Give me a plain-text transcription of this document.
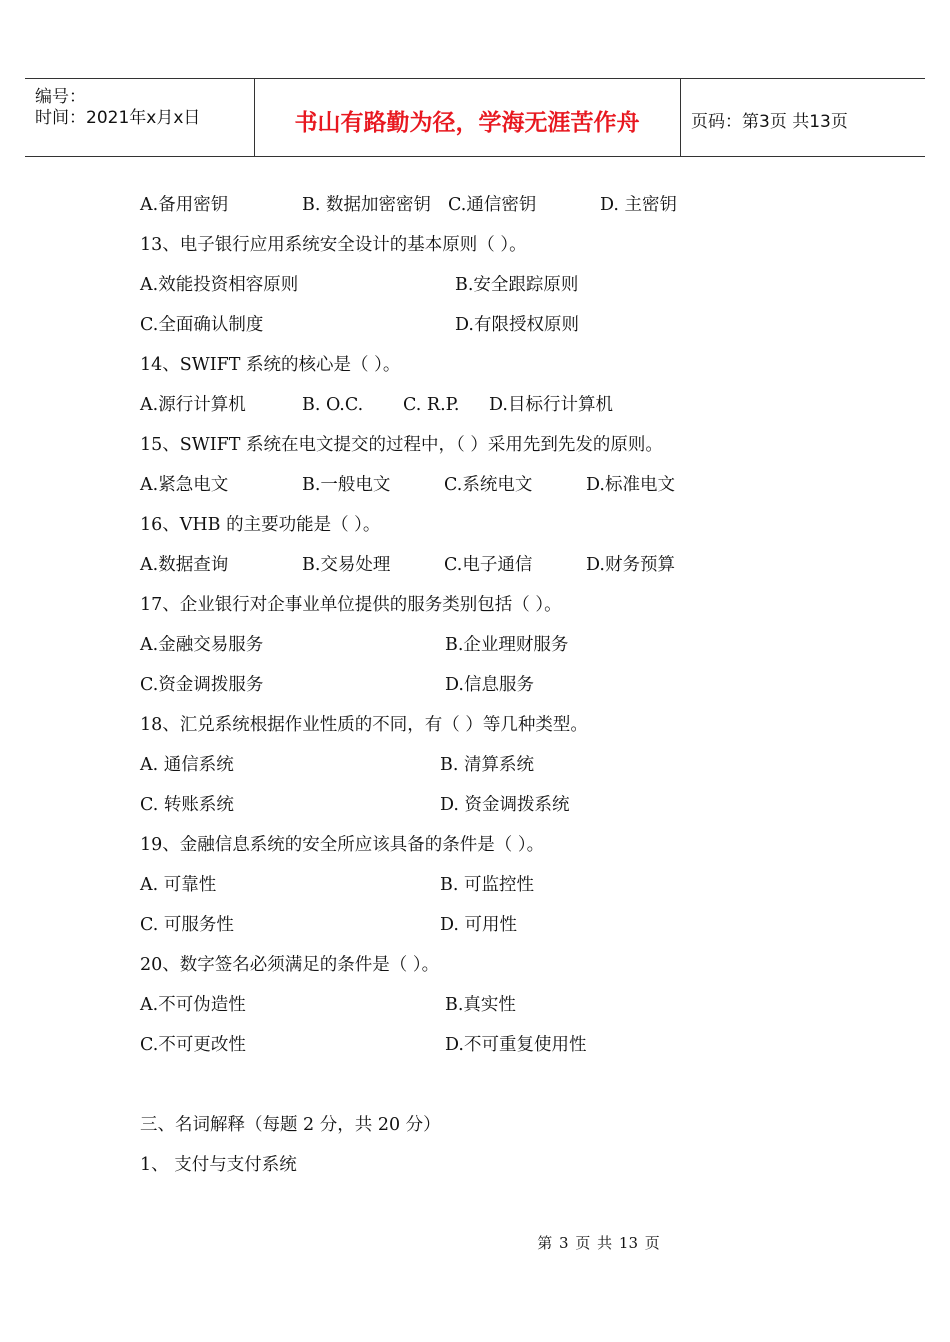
编号：
时间：2021年x月x日	书山有路勤为径，学海无涯苦作舟	页码：第3页 共13页
A.备用密钥	B. 数据加密密钥 C.通信密钥	D. 主密钥
13、电子银行应用系统安全设计的基本原则（ ）。
A.效能投资相容原则	B.安全跟踪原则
C.全面确认制度	D.有限授权原则
14、SWIFT 系统的核心是（ ）。
A.源行计算机	B. O.C. C. R.P. D.目标行计算机
15、SWIFT 系统在电文提交的过程中，（ ）采用先到先发的原则。
A.紧急电文	B.一般电文	C.系统电文	D.标准电文
16、VHB 的主要功能是（ ）。
A.数据查询	B.交易处理	C.电子通信	D.财务预算
17、企业银行对企事业单位提供的服务类别包括（ ）。
A.金融交易服务	B.企业理财服务
C.资金调拨服务	D.信息服务
18、汇兑系统根据作业性质的不同，有（ ）等几种类型。
A. 通信系统	B. 清算系统
C. 转账系统	D. 资金调拨系统
19、金融信息系统的安全所应该具备的条件是（ ）。
A. 可靠性	B. 可监控性
C. 可服务性	D. 可用性
20、数字签名必须满足的条件是（ ）。
A.不可伪造性	B.真实性
C.不可更改性	D.不可重复使用性
三、名词解释（每题 2 分，共 20 分）
1、 支付与支付系统
第 3 页 共 13 页
